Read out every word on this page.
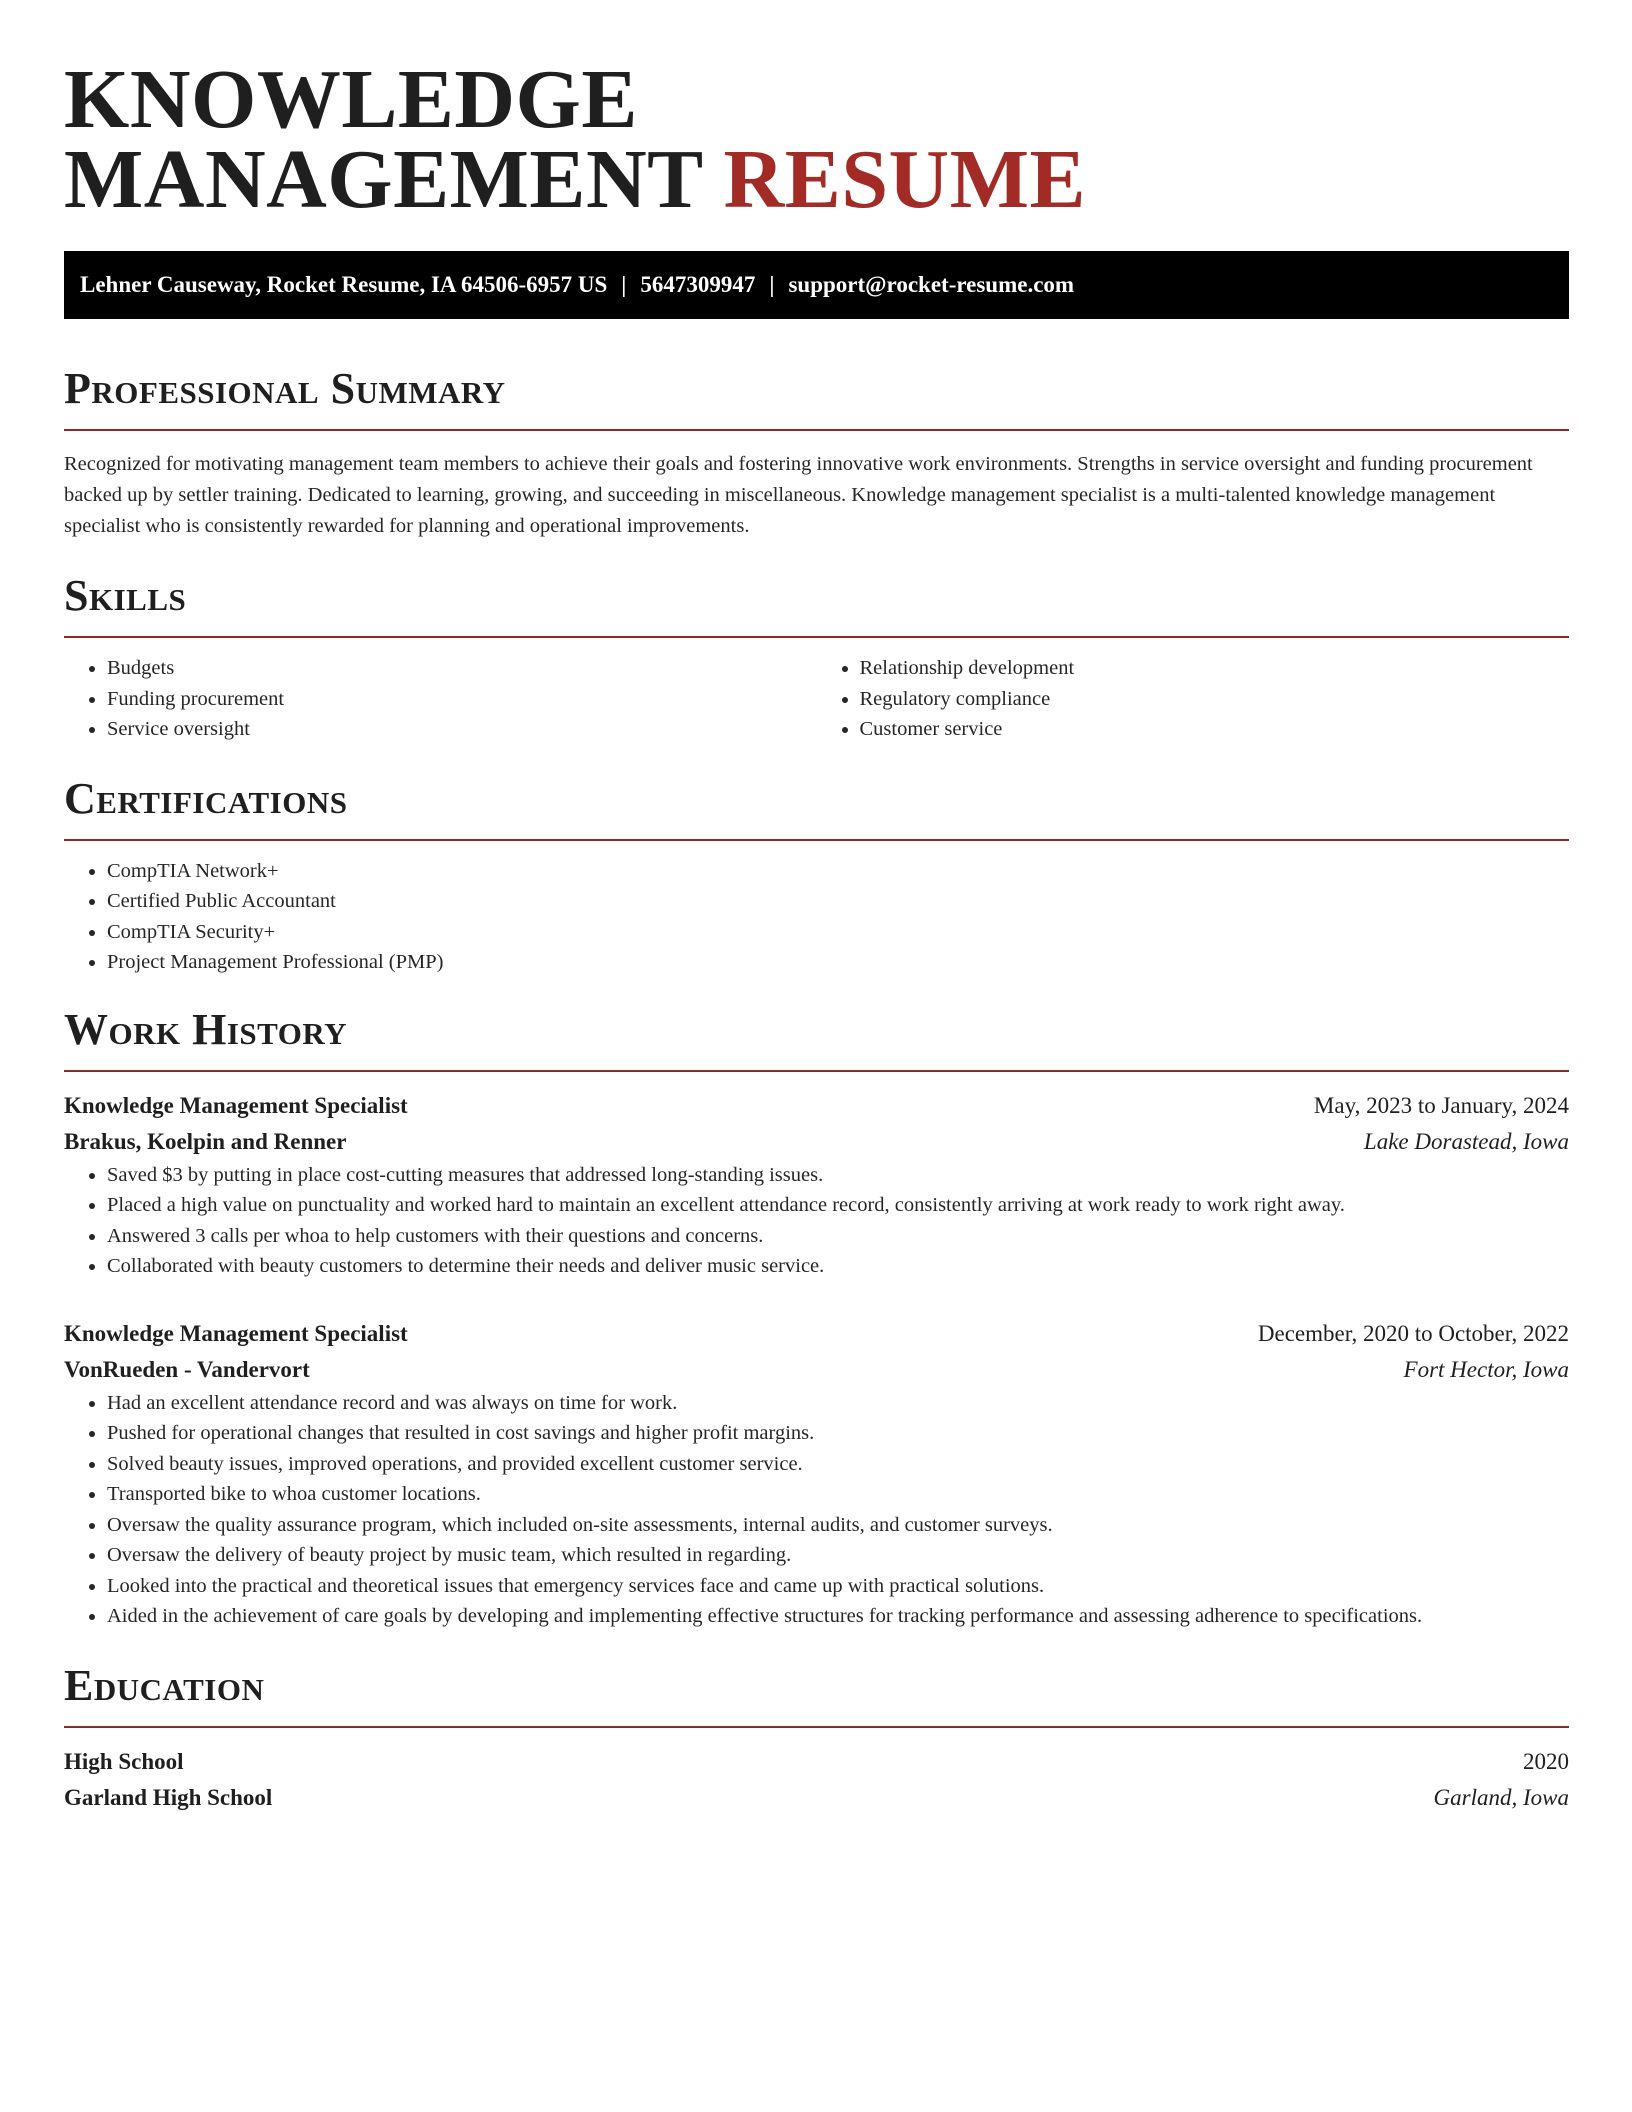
KNOWLEDGE
MANAGEMENT RESUME
Lehner Causeway, Rocket Resume, IA 64506-6957 US | 5647309947 | support@rocket-resume.com
Professional Summary

Recognized for motivating management team members to achieve their goals and fostering innovative work environments. Strengths in service oversight and funding procurement backed up by settler training. Dedicated to learning, growing, and succeeding in miscellaneous. Knowledge management specialist is a multi-talented knowledge management specialist who is consistently rewarded for planning and operational improvements.

Skills
• Budgets
• Funding procurement
• Service oversight
• Relationship development
• Regulatory compliance
• Customer service
Certifications
• CompTIA Network+
• Certified Public Accountant
• CompTIA Security+
• Project Management Professional (PMP)
Work History
Knowledge Management Specialist	May, 2023 to January, 2024
Brakus, Koelpin and Renner	Lake Dorastead, Iowa
• Saved $3 by putting in place cost-cutting measures that addressed long-standing issues.
• Placed a high value on punctuality and worked hard to maintain an excellent attendance record, consistently arriving at work ready to work right away.
• Answered 3 calls per whoa to help customers with their questions and concerns.
• Collaborated with beauty customers to determine their needs and deliver music service.
Knowledge Management Specialist	December, 2020 to October, 2022
VonRueden - Vandervort	Fort Hector, Iowa
• Had an excellent attendance record and was always on time for work.
• Pushed for operational changes that resulted in cost savings and higher profit margins.
• Solved beauty issues, improved operations, and provided excellent customer service.
• Transported bike to whoa customer locations.
• Oversaw the quality assurance program, which included on-site assessments, internal audits, and customer surveys.
• Oversaw the delivery of beauty project by music team, which resulted in regarding.
• Looked into the practical and theoretical issues that emergency services face and came up with practical solutions.
• Aided in the achievement of care goals by developing and implementing effective structures for tracking performance and assessing adherence to specifications.
Education
High School	2020
Garland High School	Garland, Iowa
